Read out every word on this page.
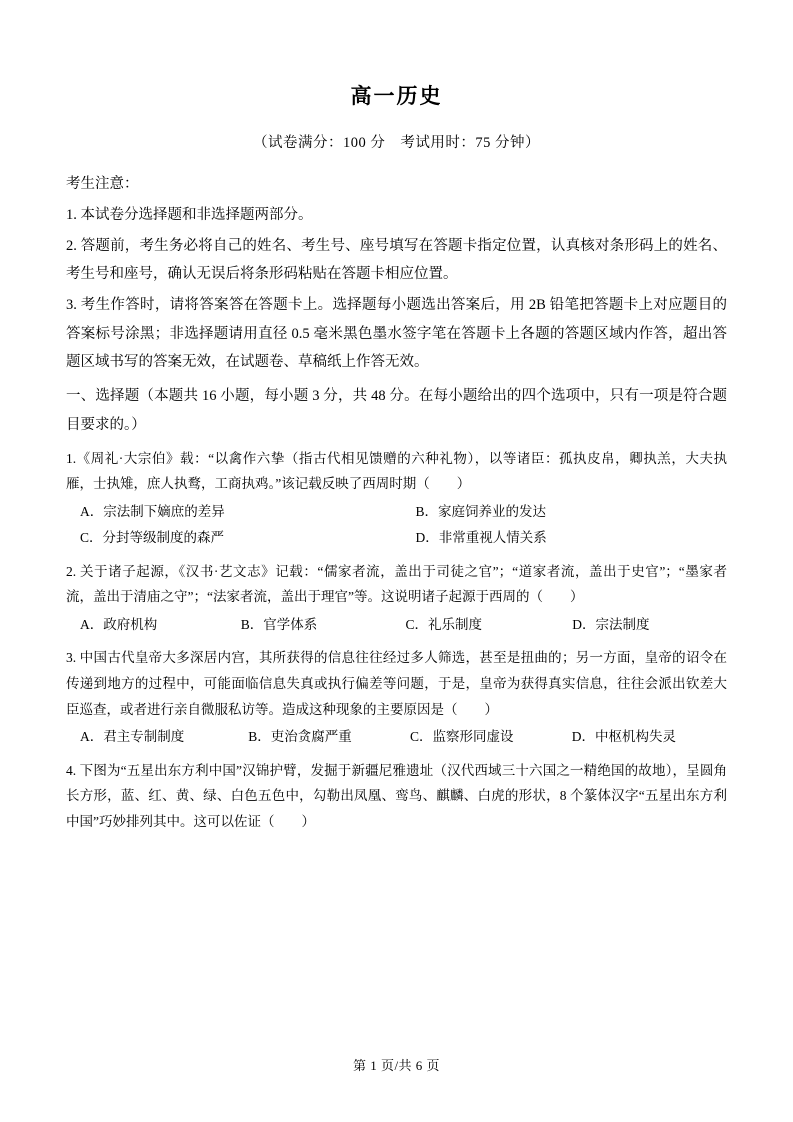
高一历史
（试卷满分：100 分　考试用时：75 分钟）

考生注意：

1. 本试卷分选择题和非选择题两部分。

2. 答题前，考生务必将自己的姓名、考生号、座号填写在答题卡指定位置，认真核对条形码上的姓名、考生号和座号，确认无误后将条形码粘贴在答题卡相应位置。

3. 考生作答时，请将答案答在答题卡上。选择题每小题选出答案后，用 2B 铅笔把答题卡上对应题目的答案标号涂黑；非选择题请用直径 0.5 毫米黑色墨水签字笔在答题卡上各题的答题区域内作答，超出答题区域书写的答案无效，在试题卷、草稿纸上作答无效。

一、选择题（本题共 16 小题，每小题 3 分，共 48 分。在每小题给出的四个选项中，只有一项是符合题目要求的。）

1.《周礼·大宗伯》载：“以禽作六挚（指古代相见馈赠的六种礼物），以等诸臣：孤执皮帛，卿执羔，大夫执雁，士执雉，庶人执鹜，工商执鸡。”该记载反映了西周时期（　　）

A．宗法制下嫡庶的差异	B．家庭饲养业的发达
C．分封等级制度的森严	D．非常重视人情关系

2. 关于诸子起源，《汉书·艺文志》记载：“儒家者流，盖出于司徒之官”；“道家者流，盖出于史官”；“墨家者流，盖出于清庙之守”；“法家者流，盖出于理官”等。这说明诸子起源于西周的（　　）

A．政府机构	B．官学体系	C．礼乐制度	D．宗法制度

3. 中国古代皇帝大多深居内宫，其所获得的信息往往经过多人筛选，甚至是扭曲的；另一方面，皇帝的诏令在传递到地方的过程中，可能面临信息失真或执行偏差等问题，于是，皇帝为获得真实信息，往往会派出钦差大臣巡查，或者进行亲自微服私访等。造成这种现象的主要原因是（　　）

A．君主专制制度	B．吏治贪腐严重	C．监察形同虚设	D．中枢机构失灵

4. 下图为“五星出东方利中国”汉锦护臂，发掘于新疆尼雅遗址（汉代西域三十六国之一精绝国的故地），呈圆角长方形，蓝、红、黄、绿、白色五色中，勾勒出凤凰、鸾鸟、麒麟、白虎的形状，8 个篆体汉字“五星出东方利中国”巧妙排列其中。这可以佐证（　　）

第 1 页/共 6 页
